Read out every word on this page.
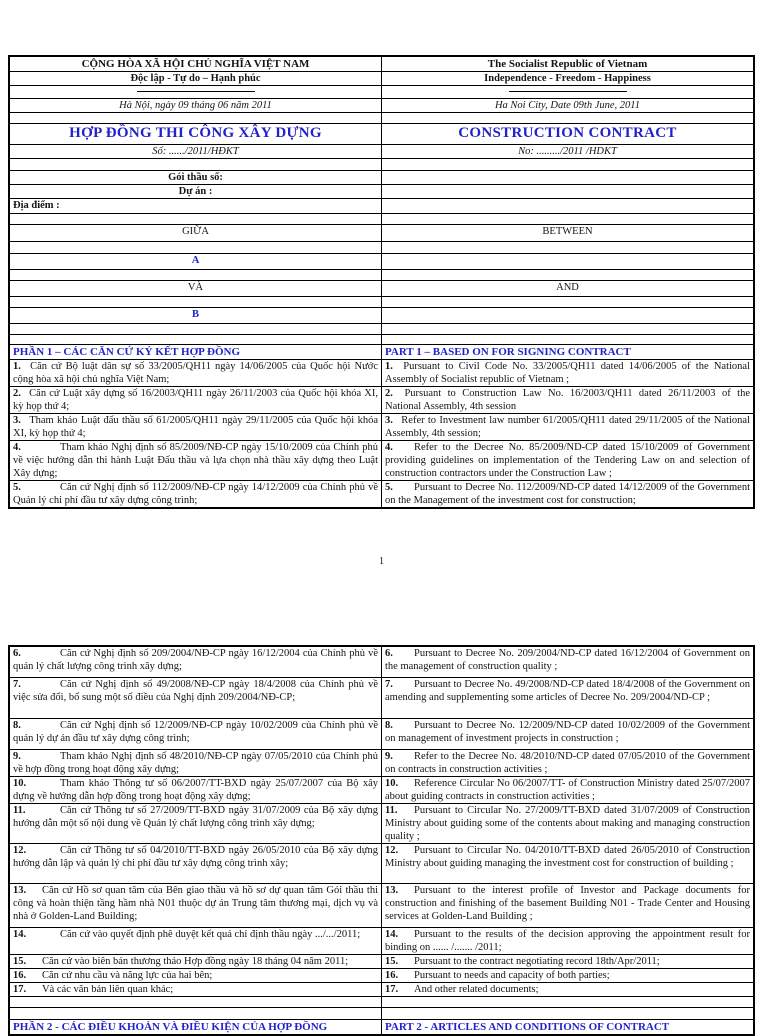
CỘNG HÒA XÃ HỘI CHỦ NGHĨA VIỆT NAM	The Socialist Republic of Vietnam
Độc lập - Tự do – Hạnh phúc	Independence - Freedom - Happiness

Hà Nội, ngày 09 tháng 06 năm 2011	Ha Noi City, Date 09th June, 2011

HỢP ĐỒNG THI CÔNG XÂY DỰNG	CONSTRUCTION CONTRACT
Số: ....../2011/HĐKT	No: ........./2011 /HDKT

Gói thầu số:	
Dự án :	
Địa điểm :	

GIỮA	BETWEEN

A	

VÀ	AND

B	

PHẦN 1 – CÁC CĂN CỨ KÝ KẾT HỢP ĐỒNG	PART 1 – BASED ON FOR SIGNING CONTRACT
1. Căn cứ Bộ luật dân sự số 33/2005/QH11 ngày 14/06/2005 của Quốc hội Nước cộng hòa xã hội chủ nghĩa Việt Nam;	1. Pursuant to Civil Code No. 33/2005/QH11 dated 14/06/2005 of the National Assembly of Socialist republic of Vietnam ;
2. Căn cứ Luật xây dựng số 16/2003/QH11 ngày 26/11/2003 của Quốc hội khóa XI, kỳ họp thứ 4;	2. Pursuant to Construction Law No. 16/2003/QH11 dated 26/11/2003 of the National Assembly, 4th session
3. Tham khảo Luật đấu thầu số 61/2005/QH11 ngày 29/11/2005 của Quốc hội khóa XI, kỳ họp thứ 4;	3. Refer to Investment law number 61/2005/QH11 dated 29/11/2005 of the National Assembly, 4th session;
4. Tham khảo Nghị định số 85/2009/NĐ-CP ngày 15/10/2009 của Chính phủ về việc hướng dẫn thi hành Luật Đấu thầu và lựa chọn nhà thầu xây dựng theo Luật Xây dựng;	4. Refer to the Decree No. 85/2009/ND-CP dated 15/10/2009 of Government providing guidelines on implementation of the Tendering Law on and selection of construction contractors under the Construction Law ;
5. Căn cứ Nghị định số 112/2009/NĐ-CP ngày 14/12/2009 của Chính phủ về Quản lý chi phí đầu tư xây dựng công trình;	5. Pursuant to Decree No. 112/2009/ND-CP dated 14/12/2009 of the Government on the Management of the investment cost for construction;
1
6. Căn cứ Nghị định số 209/2004/NĐ-CP ngày 16/12/2004 của Chính phủ về quản lý chất lượng công trình xây dựng;	6. Pursuant to Decree No. 209/2004/ND-CP dated 16/12/2004 of Government on the management of construction quality ;
7. Căn cứ Nghị định số 49/2008/NĐ-CP ngày 18/4/2008 của Chính phủ về việc sửa đổi, bổ sung một số điều của Nghị định 209/2004/NĐ-CP;	7. Pursuant to Decree No. 49/2008/ND-CP dated 18/4/2008 of the Government on amending and supplementing some articles of Decree No. 209/2004/ND-CP ;
8. Căn cứ Nghị định số 12/2009/NĐ-CP ngày 10/02/2009 của Chính phủ về quản lý dự án đầu tư xây dựng công trình;	8. Pursuant to Decree No. 12/2009/ND-CP dated 10/02/2009 of the Government on management of investment projects in construction ;
9. Tham khảo Nghị định số 48/2010/NĐ-CP ngày 07/05/2010 của Chính phủ về hợp đồng trong hoạt động xây dựng;	9. Refer to the Decree No. 48/2010/ND-CP dated 07/05/2010 of the Government on contracts in construction activities ;
10. Tham khảo Thông tư số 06/2007/TT-BXD ngày 25/07/2007 của Bộ xây dựng về hướng dẫn hợp đồng trong hoạt động xây dựng;	10. Reference Circular No 06/2007/TT- of Construction Ministry dated 25/07/2007 about guiding contracts in construction activities ;
11. Căn cứ Thông tư số 27/2009/TT-BXD ngày 31/07/2009 của Bộ xây dựng hướng dẫn một số nội dung về Quản lý chất lượng công trình xây dựng;	11. Pursuant to Circular No. 27/2009/TT-BXD dated 31/07/2009 of Construction Ministry about guiding some of the contents about making and managing construction quality ;
12. Căn cứ Thông tư số 04/2010/TT-BXD ngày 26/05/2010 của Bộ xây dựng hướng dẫn lập và quản lý chi phí đầu tư xây dựng công trình xây;	12. Pursuant to Circular No. 04/2010/TT-BXD dated 26/05/2010 of Construction Ministry about guiding managing the investment cost for construction of building ;
13. Căn cứ Hồ sơ quan tâm của Bên giao thầu và hồ sơ dự quan tâm Gói thầu thi công và hoàn thiện tầng hầm nhà N01 thuộc dự án Trung tâm thương mại, dịch vụ và nhà ở Golden-Land Building;	13. Pursuant to the interest profile of Investor and Package documents for construction and finishing of the basement Building N01 - Trade Center and Housing services at Golden-Land Building ;
14. Căn cứ vào quyết định phê duyệt kết quả chỉ định thầu ngày .../.../2011;	14. Pursuant to the results of the decision approving the appointment result for binding on ...... /....... /2011;
15. Căn cứ vào biên bản thương thảo Hợp đồng ngày 18 tháng 04 năm 2011;	15. Pursuant to the contract negotiating record 18th/Apr/2011;
16. Căn cứ nhu cầu và năng lực của hai bên;	16. Pursuant to needs and capacity of both parties;
17. Và các văn bản liên quan khác;	17. And other related documents;

PHẦN 2 - CÁC ĐIỀU KHOẢN VÀ ĐIỀU KIỆN CỦA HỢP ĐỒNG	PART 2 - ARTICLES AND CONDITIONS OF CONTRACT
